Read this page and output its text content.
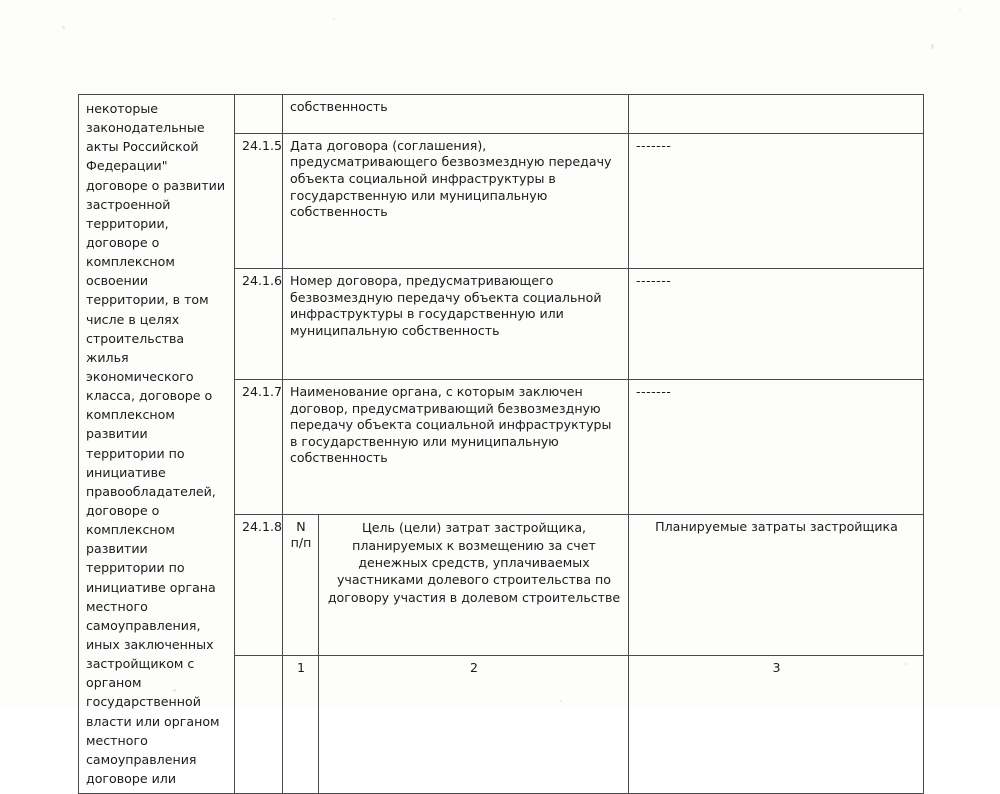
некоторые законодательные акты Российской Федерации" договоре о развитии застроенной территории, договоре о комплексном освоении территории, в том числе в целях строительства жилья экономического класса, договоре о комплексном развитии территории по инициативе правообладателей, договоре о комплексном развитии территории по инициативе органа местного самоуправления, иных заключенных застройщиком с органом государственной власти или органом местного самоуправления договоре или		собственность		
	24.1.5	Дата договора (соглашения), предусматривающего безвозмездную передачу объекта социальной инфраструктуры в государственную или муниципальную собственность		-------
	24.1.6	Номер договора, предусматривающего безвозмездную передачу объекта социальной инфраструктуры в государственную или муниципальную собственность		-------
	24.1.7	Наименование органа, с которым заключен договор, предусматривающий безвозмездную передачу объекта социальной инфраструктуры в государственную или муниципальную собственность		-------
	24.1.8	N п/п	Цель (цели) затрат застройщика, планируемых к возмещению за счет денежных средств, уплачиваемых участниками долевого строительства по договору участия в долевом строительстве	Планируемые затраты застройщика
		1	2	3
